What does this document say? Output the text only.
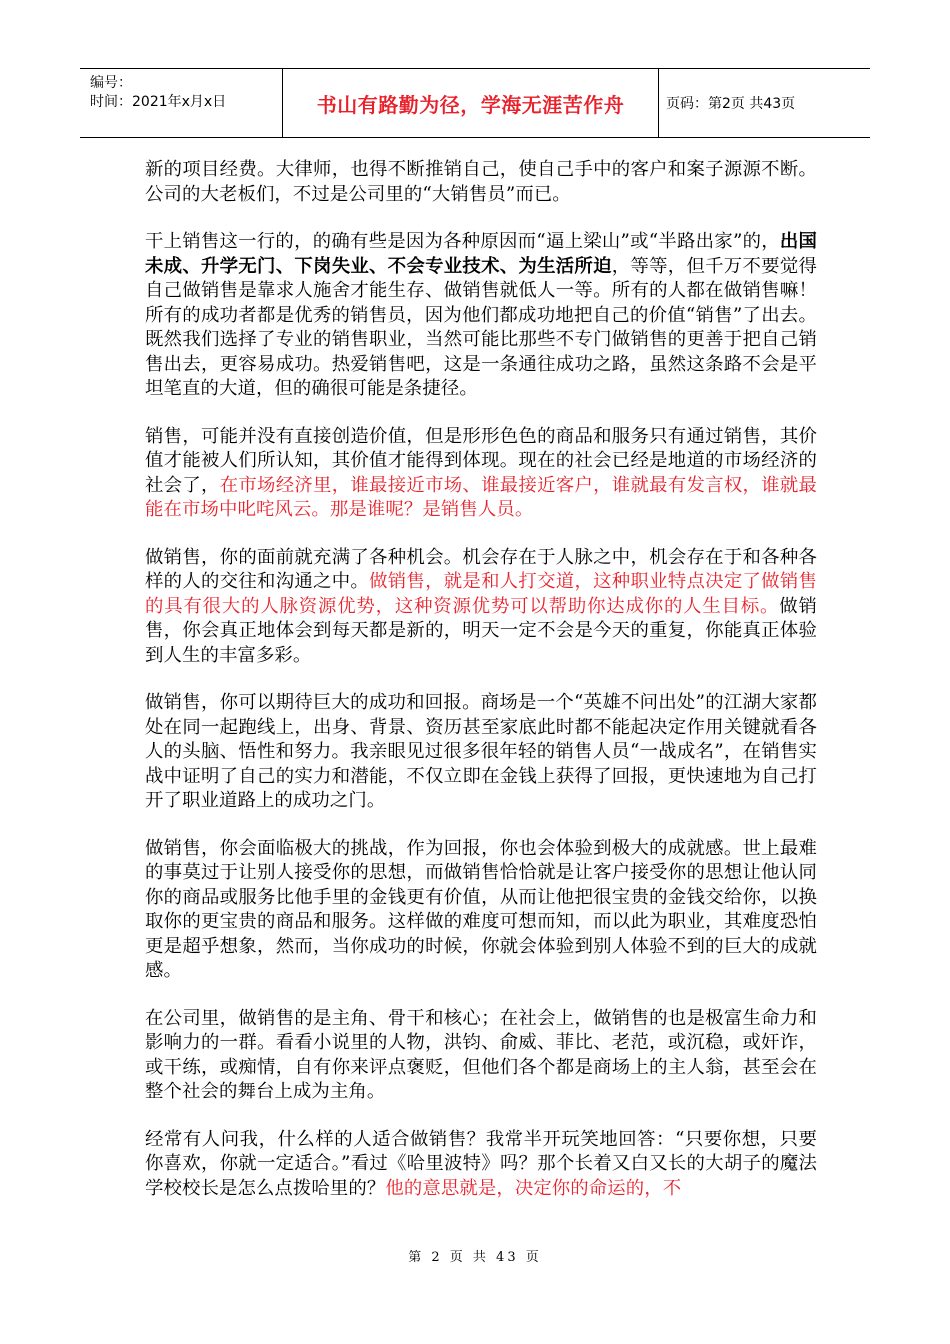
编号：
时间：2021年x月x日	书山有路勤为径，学海无涯苦作舟	页码：第2页 共43页

新的项目经费。大律师，也得不断推销自己，使自己手中的客户和案子源源不断。公司的大老板们，不过是公司里的“大销售员”而已。

干上销售这一行的，的确有些是因为各种原因而“逼上梁山”或“半路出家”的，出国未成、升学无门、下岗失业、不会专业技术、为生活所迫，等等，但千万不要觉得自己做销售是靠求人施舍才能生存、做销售就低人一等。所有的人都在做销售嘛！所有的成功者都是优秀的销售员，因为他们都成功地把自己的价值“销售”了出去。既然我们选择了专业的销售职业，当然可能比那些不专门做销售的更善于把自己销售出去，更容易成功。热爱销售吧，这是一条通往成功之路，虽然这条路不会是平坦笔直的大道，但的确很可能是条捷径。

销售，可能并没有直接创造价值，但是形形色色的商品和服务只有通过销售，其价值才能被人们所认知，其价值才能得到体现。现在的社会已经是地道的市场经济的社会了，在市场经济里，谁最接近市场、谁最接近客户，谁就最有发言权，谁就最能在市场中叱咤风云。那是谁呢？是销售人员。

做销售，你的面前就充满了各种机会。机会存在于人脉之中，机会存在于和各种各样的人的交往和沟通之中。做销售，就是和人打交道，这种职业特点决定了做销售的具有很大的人脉资源优势，这种资源优势可以帮助你达成你的人生目标。做销售，你会真正地体会到每天都是新的，明天一定不会是今天的重复，你能真正体验到人生的丰富多彩。

做销售，你可以期待巨大的成功和回报。商场是一个“英雄不问出处”的江湖大家都处在同一起跑线上，出身、背景、资历甚至家底此时都不能起决定作用关键就看各人的头脑、悟性和努力。我亲眼见过很多很年轻的销售人员“一战成名”，在销售实战中证明了自己的实力和潜能，不仅立即在金钱上获得了回报，更快速地为自己打开了职业道路上的成功之门。

做销售，你会面临极大的挑战，作为回报，你也会体验到极大的成就感。世上最难的事莫过于让别人接受你的思想，而做销售恰恰就是让客户接受你的思想让他认同你的商品或服务比他手里的金钱更有价值，从而让他把很宝贵的金钱交给你，以换取你的更宝贵的商品和服务。这样做的难度可想而知，而以此为职业，其难度恐怕更是超乎想象，然而，当你成功的时候，你就会体验到别人体验不到的巨大的成就感。

在公司里，做销售的是主角、骨干和核心；在社会上，做销售的也是极富生命力和影响力的一群。看看小说里的人物，洪钧、俞威、菲比、老范，或沉稳，或奸诈，或干练，或痴情，自有你来评点褒贬，但他们各个都是商场上的主人翁，甚至会在整个社会的舞台上成为主角。

经常有人问我，什么样的人适合做销售？我常半开玩笑地回答：“只要你想，只要你喜欢，你就一定适合。”看过《哈里波特》吗？那个长着又白又长的大胡子的魔法学校校长是怎么点拨哈里的？他的意思就是，决定你的命运的，不

第 2 页 共 43 页
